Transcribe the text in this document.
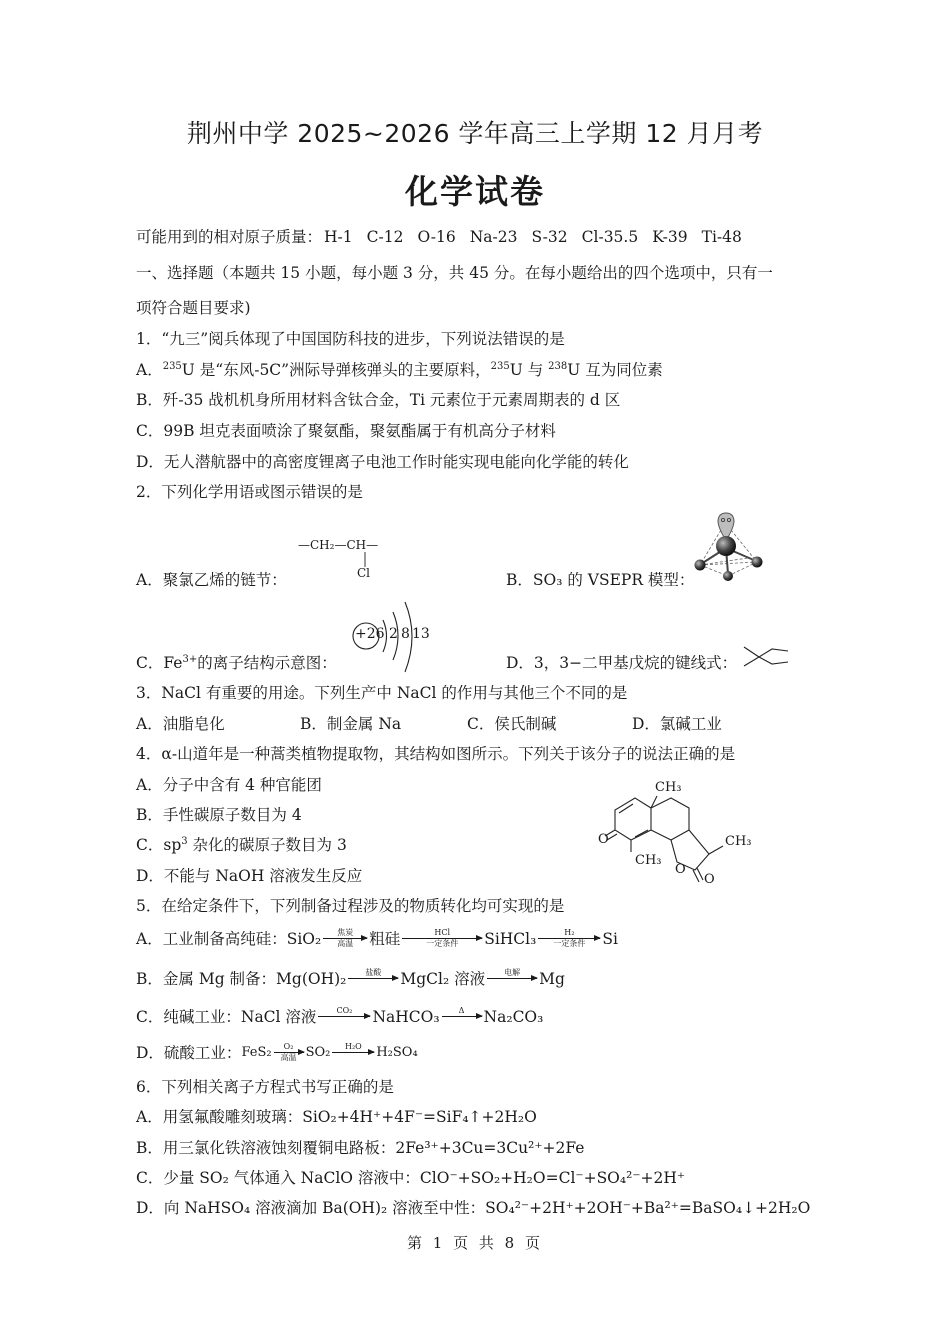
荆州中学 2025~2026 学年高三上学期 12 月月考
化学试卷
可能用到的相对原子质量： H-1 C-12 O-16 Na-23 S-32 Cl-35.5 K-39 Ti-48
一、选择题（本题共 15 小题，每小题 3 分，共 45 分。在每小题给出的四个选项中，只有一
项符合题目要求)
1．“九三”阅兵体现了中国国防科技的进步，下列说法错误的是
A．$^{235}$U 是“东风-5C”洲际导弹核弹头的主要原料，$^{235}$U 与 $^{238}$U 互为同位素
B．歼-35 战机机身所用材料含钛合金，Ti 元素位于元素周期表的 d 区
C．99B 坦克表面喷涂了聚氨酯，聚氨酯属于有机高分子材料
D．无人潜航器中的高密度锂离子电池工作时能实现电能向化学能的转化
2．下列化学用语或图示错误的是
A．聚氯乙烯的链节：
—CH₂—CH—
Cl	B．SO₃ 的 VSEPR 模型：
C．$Fe^{3+}$的离子结构示意图：
+26 2 8 13
D．3，3−二甲基戊烷的键线式：
3．NaCl 有重要的用途。下列生产中 NaCl 的作用与其他三个不同的是
A．油脂皂化	B．制金属 Na	C．侯氏制碱	D．氯碱工业
4．α-山道年是一种蒿类植物提取物，其结构如图所示。下列关于该分子的说法正确的是
A．分子中含有 4 种官能团
B．手性碳原子数目为 4
C．$sp^3$ 杂化的碳原子数目为 3
D．不能与 NaOH 溶液发生反应
CH₃
CH₃
CH₃
O
O
O
5．在给定条件下，下列制备过程涉及的物质转化均可实现的是
A．工业制备高纯硅： SiO₂	焦炭
高温	粗硅	HCl
一定条件	SiHCl₃	H₂
一定条件	Si
B．金属 Mg 制备： Mg(OH)₂	盐酸	MgCl₂ 溶液	电解	Mg
C．纯碱工业： NaCl 溶液	CO₂	NaHCO₃	Δ	Na₂CO₃
D．硫酸工业： FeS₂	O₂
高温 SO₂	H₂O	H₂SO₄
6．下列相关离子方程式书写正确的是
A．用氢氟酸雕刻玻璃：SiO₂+4H⁺+4F⁻=SiF₄↑+2H₂O
B．用三氯化铁溶液蚀刻覆铜电路板：2Fe³⁺+3Cu=3Cu²⁺+2Fe
C．少量 SO₂ 气体通入 NaClO 溶液中：ClO⁻+SO₂+H₂O=Cl⁻+SO₄²⁻+2H⁺
D．向 NaHSO₄ 溶液滴加 Ba(OH)₂ 溶液至中性：SO₄²⁻+2H⁺+2OH⁻+Ba²⁺=BaSO₄↓+2H₂O
第 1 页 共 8 页
